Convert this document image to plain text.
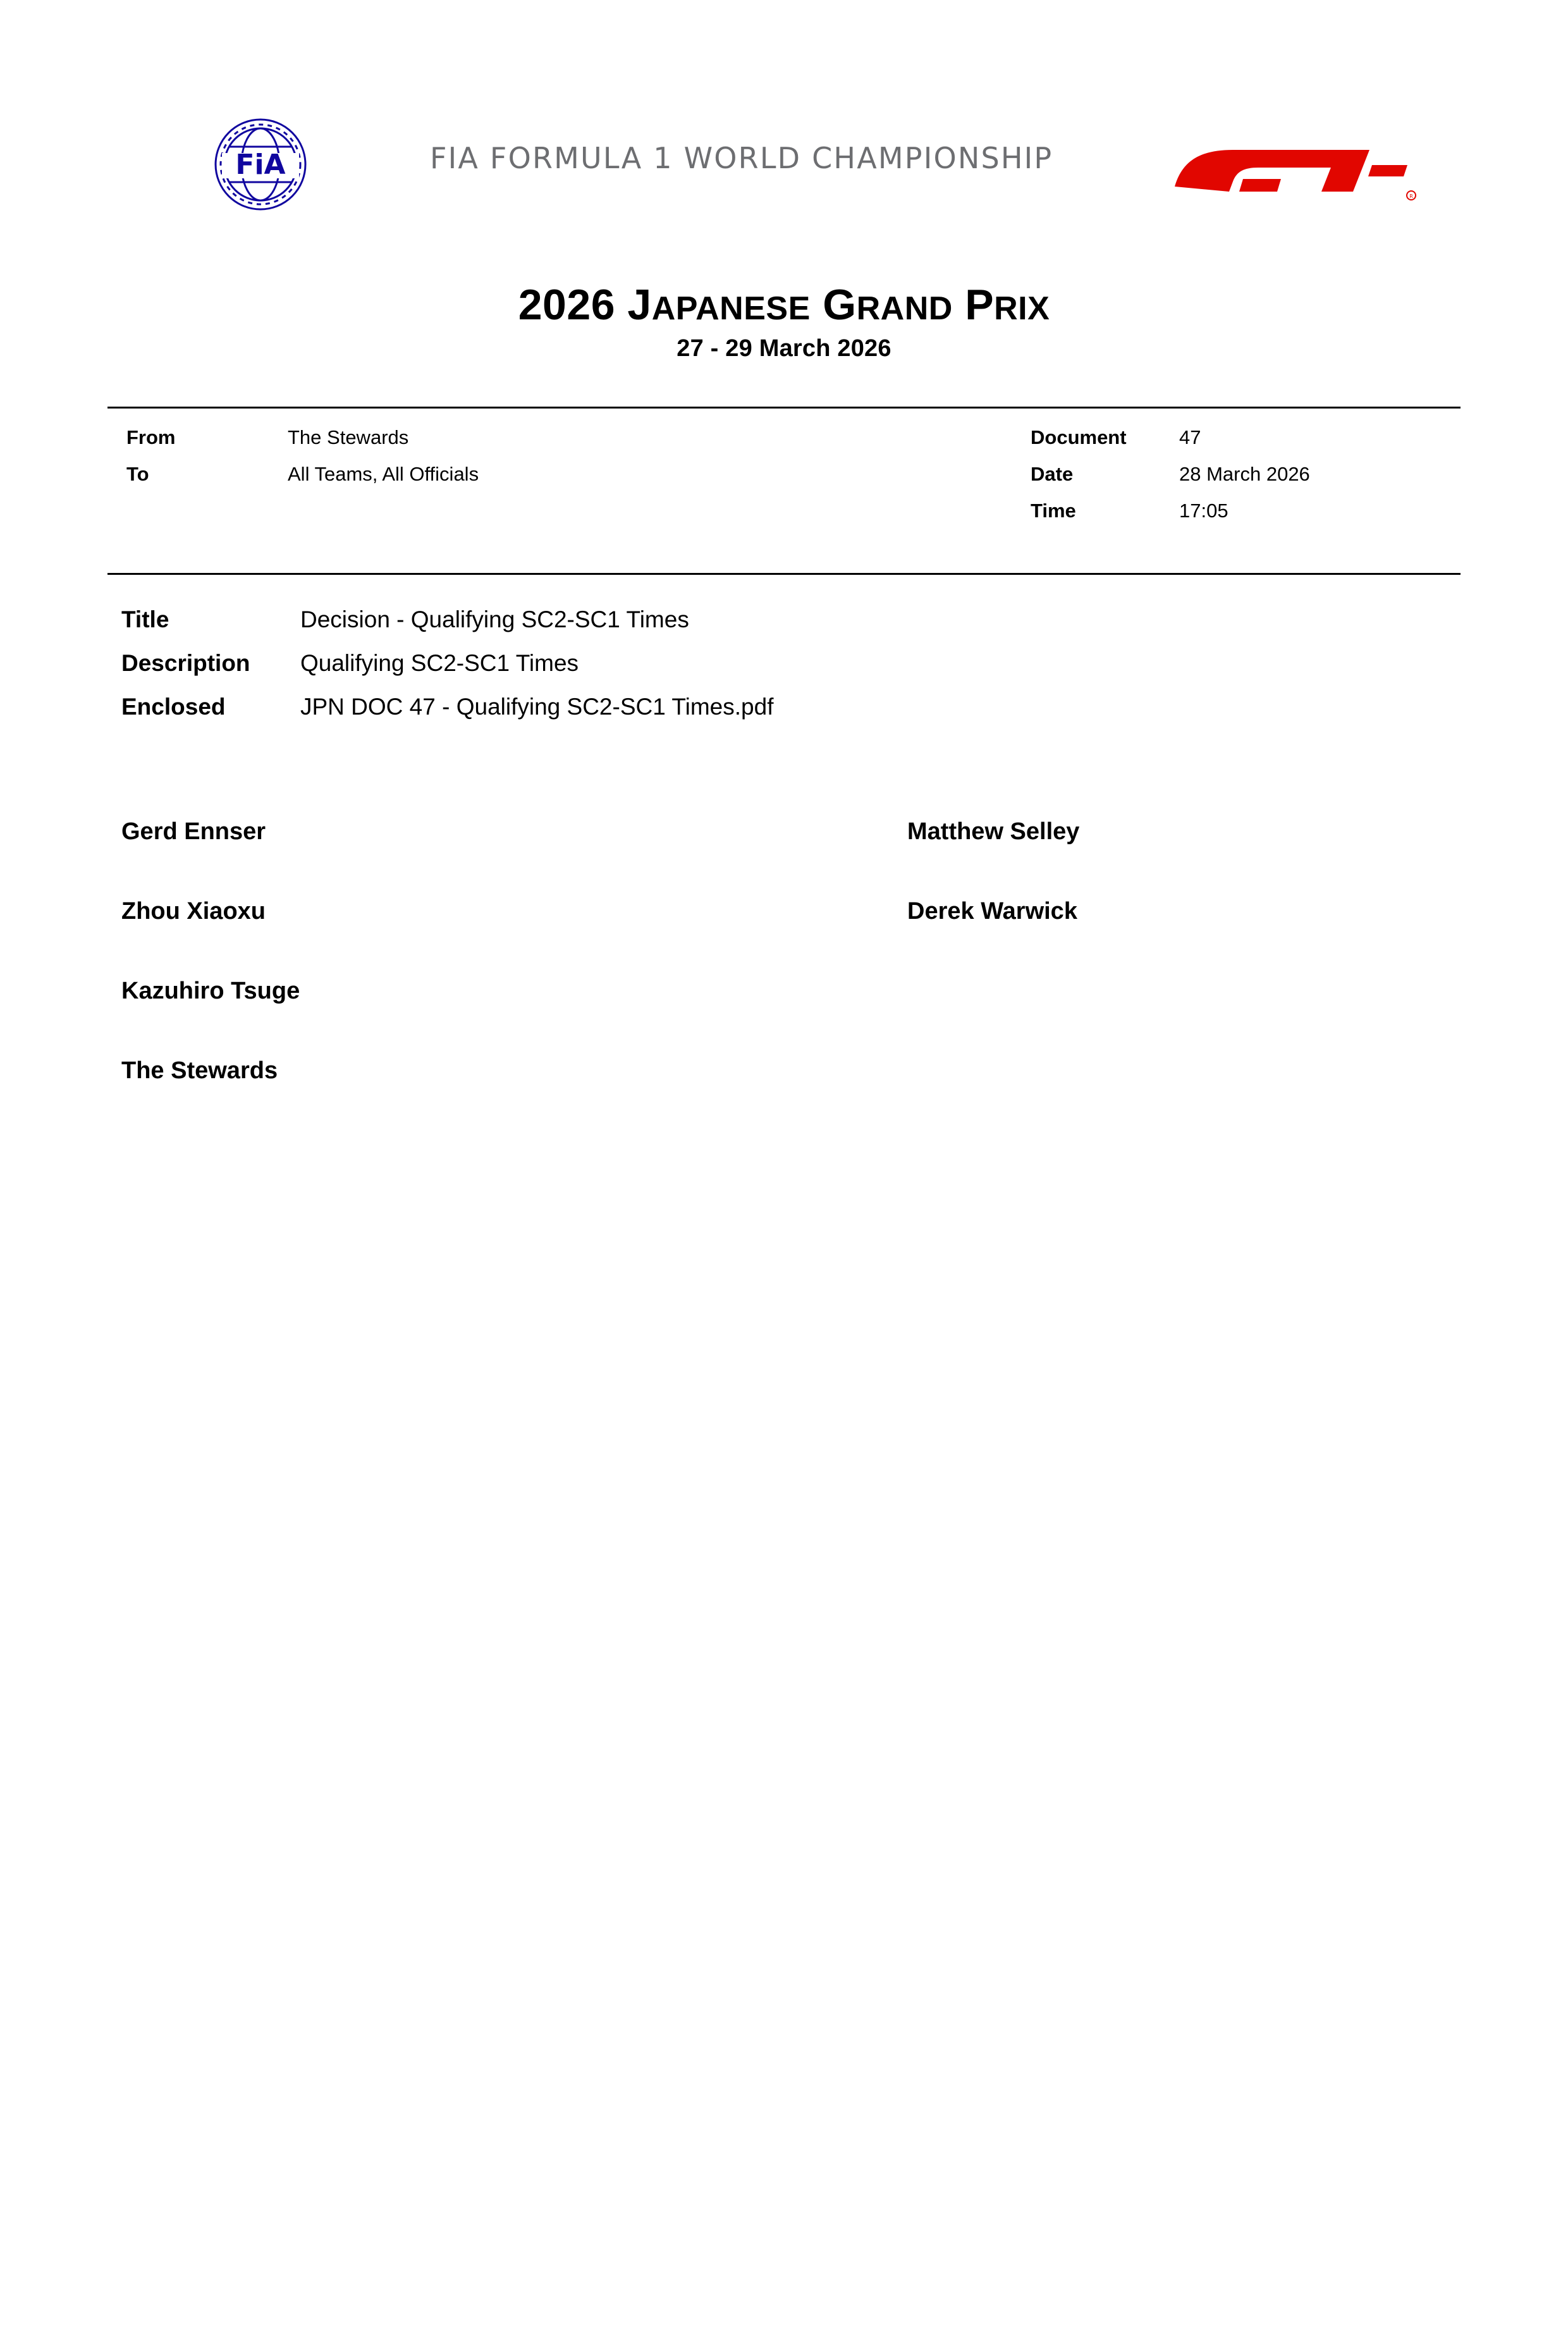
FiA	FIA FORMULA 1 WORLD CHAMPIONSHIP
R
2026 JAPANESE GRAND PRIX
27 - 29 March 2026
From	The Stewards
To	All Teams, All Officials
Document	47
Date	28 March 2026
Time	17:05
Title	Decision - Qualifying SC2-SC1 Times
Description	Qualifying SC2-SC1 Times
Enclosed	JPN DOC 47 - Qualifying SC2-SC1 Times.pdf
Gerd Ennser	Matthew Selley
Zhou Xiaoxu	Derek Warwick
Kazuhiro Tsuge
The Stewards
